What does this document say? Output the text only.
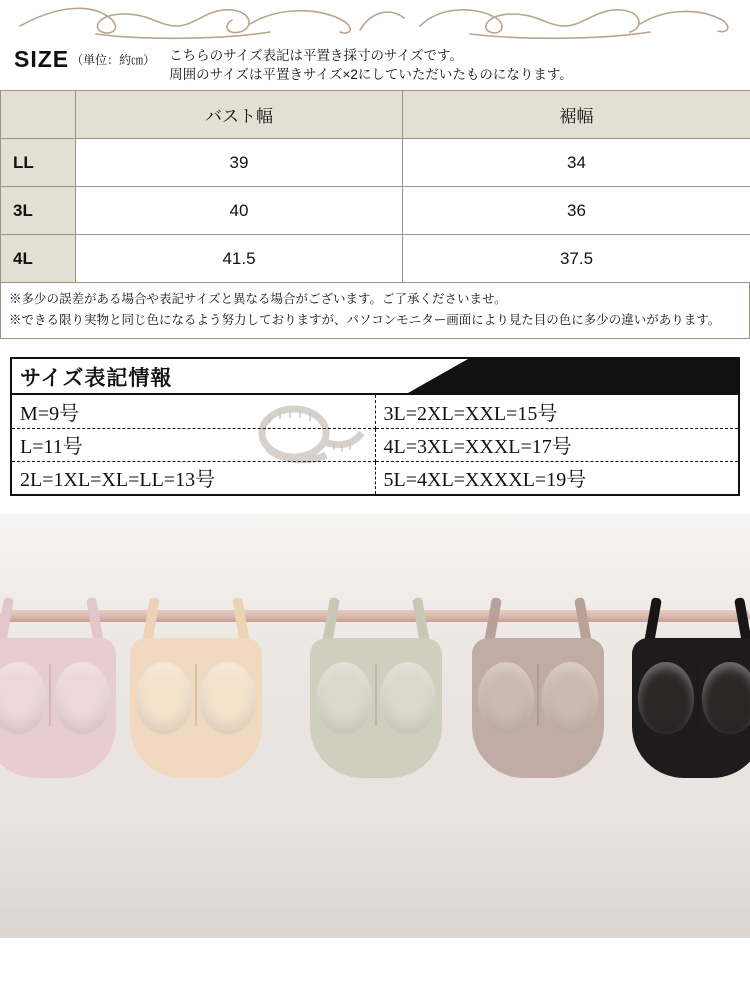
SIZE （単位：約㎝） こちらのサイズ表記は平置き採寸のサイズです。
周囲のサイズは平置きサイズ×2にしていただいたものになります。
	バスト幅	裾幅
LL	39	34
3L	40	36
4L	41.5	37.5

※多少の誤差がある場合や表記サイズと異なる場合がございます。ご了承くださいませ。

※できる限り実物と同じ色になるよう努力しておりますが、パソコンモニター画面により見た目の色に多少の違いがあります。

サイズ表記情報
M=9号	3L=2XL=XXL=15号
L=11号	4L=3XL=XXXL=17号
2L=1XL=XL=LL=13号	5L=4XL=XXXXL=19号
